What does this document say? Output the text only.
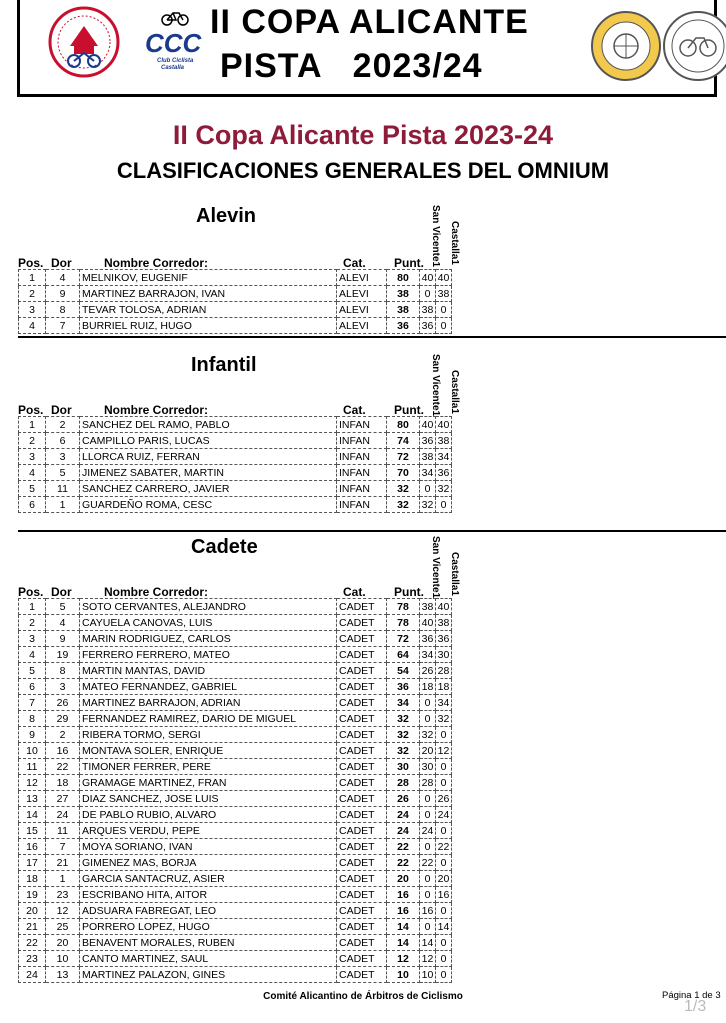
CCC
Club Ciclista
Castalla
II COPA ALICANTE
PISTA   2023/24
II Copa Alicante Pista 2023-24
CLASIFICACIONES GENERALES DEL OMNIUM
Alevin	San Vicente1 Castalla1
Pos. Dor	Nombre Corredor:	Cat. Punt.
1	4	MELNIKOV, EUGENIF	ALEVI	80	40	40
2	9	MARTINEZ BARRAJON, IVAN	ALEVI	38	0	38
3	8	TEVAR TOLOSA, ADRIAN	ALEVI	38	38	0
4	7	BURRIEL RUIZ, HUGO	ALEVI	36	36	0
Infantil	San Vicente1 Castalla1
Pos. Dor	Nombre Corredor:	Cat. Punt.
1	2	SANCHEZ DEL RAMO, PABLO	INFAN	80	40	40
2	6	CAMPILLO PARIS, LUCAS	INFAN	74	36	38
3	3	LLORCA RUIZ, FERRAN	INFAN	72	38	34
4	5	JIMENEZ SABATER, MARTIN	INFAN	70	34	36
5	11	SANCHEZ CARRERO, JAVIER	INFAN	32	0	32
6	1	GUARDEÑO ROMA, CESC	INFAN	32	32	0
Cadete	San Vicente1 Castalla1
Pos. Dor	Nombre Corredor:	Cat. Punt.
1	5	SOTO CERVANTES, ALEJANDRO	CADET	78	38	40
2	4	CAYUELA CANOVAS, LUIS	CADET	78	40	38
3	9	MARIN RODRIGUEZ, CARLOS	CADET	72	36	36
4	19	FERRERO FERRERO, MATEO	CADET	64	34	30
5	8	MARTIN MANTAS, DAVID	CADET	54	26	28
6	3	MATEO FERNANDEZ, GABRIEL	CADET	36	18	18
7	26	MARTINEZ BARRAJON, ADRIAN	CADET	34	0	34
8	29	FERNANDEZ RAMIREZ, DARIO DE MIGUEL	CADET	32	0	32
9	2	RIBERA TORMO, SERGI	CADET	32	32	0
10	16	MONTAVA SOLER, ENRIQUE	CADET	32	20	12
11	22	TIMONER FERRER, PERE	CADET	30	30	0
12	18	GRAMAGE MARTINEZ, FRAN	CADET	28	28	0
13	27	DIAZ SANCHEZ, JOSE LUIS	CADET	26	0	26
14	24	DE PABLO RUBIO, ALVARO	CADET	24	0	24
15	11	ARQUES VERDU, PEPE	CADET	24	24	0
16	7	MOYA SORIANO, IVAN	CADET	22	0	22
17	21	GIMENEZ MAS, BORJA	CADET	22	22	0
18	1	GARCIA SANTACRUZ, ASIER	CADET	20	0	20
19	23	ESCRIBANO HITA, AITOR	CADET	16	0	16
20	12	ADSUARA FABREGAT, LEO	CADET	16	16	0
21	25	PORRERO LOPEZ, HUGO	CADET	14	0	14
22	20	BENAVENT MORALES, RUBEN	CADET	14	14	0
23	10	CANTO MARTINEZ, SAUL	CADET	12	12	0
24	13	MARTINEZ PALAZON, GINES	CADET	10	10	0
Comité Alicantino de Árbitros de Ciclismo	Página 1 de 3
1/3
